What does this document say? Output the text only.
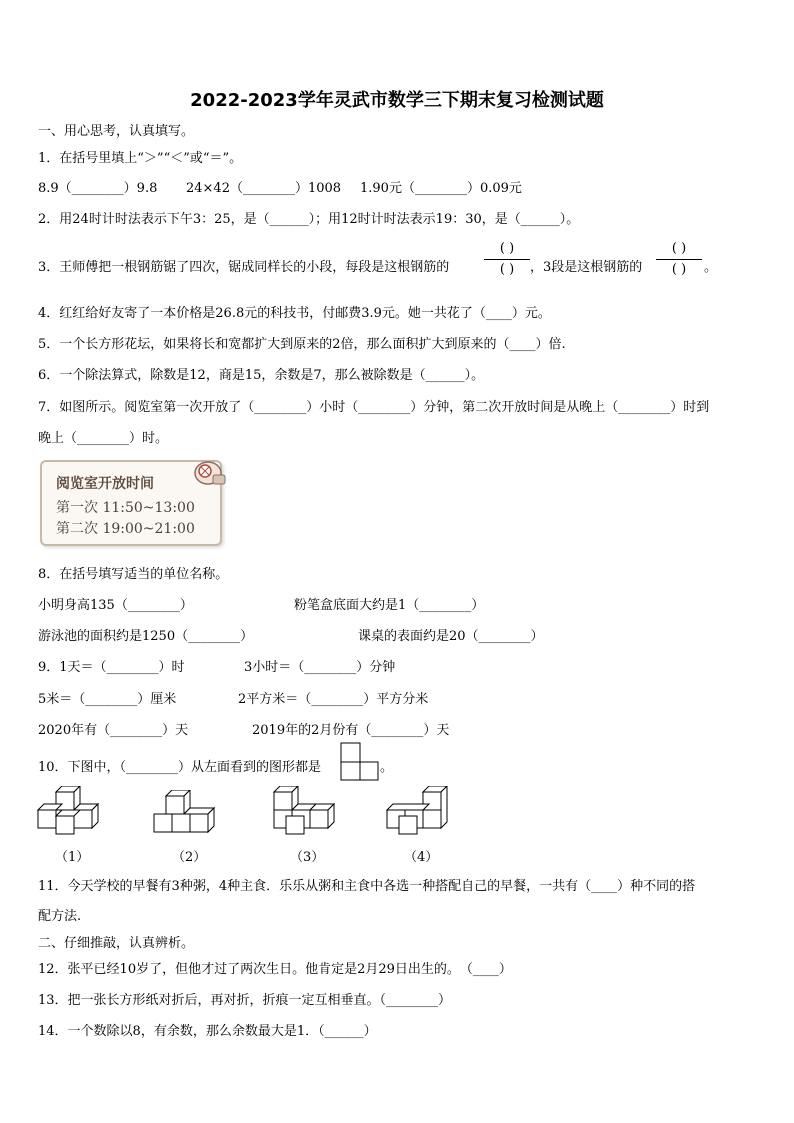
2022-2023学年灵武市数学三下期末复习检测试题
一、用心思考，认真填写。
1．在括号里填上“＞”“＜”或“＝”。
8.9（________）9.8 24×42（________）1008 1.90元（________）0.09元
2．用24时计时法表示下午3：25，是（______）；用12时计时法表示19：30，是（______）。
3．王师傅把一根钢筋锯了四次，锯成同样长的小段，每段是这根钢筋的
( )
( )	，3段是这根钢筋的
( )
( )	。
4．红红给好友寄了一本价格是26.8元的科技书，付邮费3.9元。她一共花了（____）元。
5．一个长方形花坛，如果将长和宽都扩大到原来的2倍，那么面积扩大到原来的（____）倍.
6．一个除法算式，除数是12，商是15，余数是7，那么被除数是（______）。
7．如图所示。阅览室第一次开放了（________）小时（________）分钟，第二次开放时间是从晚上（________）时到
晚上（________）时。
阅览室开放时间
第一次 11:50~13:00
第二次 19:00~21:00
8．在括号填写适当的单位名称。
小明身高135（________）	粉笔盒底面大约是1（________）
游泳池的面积约是1250（________）	课桌的表面约是20（________）
9．1天＝（________）时	3小时＝（________）分钟
5米＝（________）厘米	2平方米＝（________）平方分米
2020年有（________）天	2019年的2月份有（________）天
10．下图中，（________）从左面看到的图形都是	。
（1）	（2）	（3）	（4）
11．今天学校的早餐有3种粥，4种主食．乐乐从粥和主食中各选一种搭配自己的早餐，一共有（____）种不同的搭
配方法.
二、仔细推敲，认真辨析。
12．张平已经10岁了，但他才过了两次生日。他肯定是2月29日出生的。　（____）
13．把一张长方形纸对折后，再对折，折痕一定互相垂直。（________）
14．一个数除以8，有余数，那么余数最大是1．（______）
